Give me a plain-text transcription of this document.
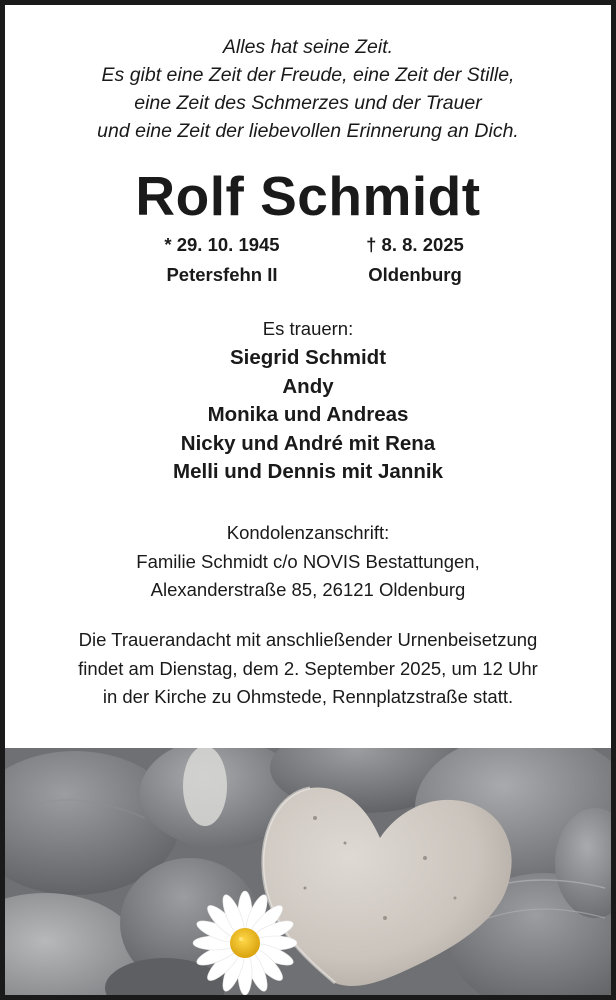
Alles hat seine Zeit.
Es gibt eine Zeit der Freude, eine Zeit der Stille,
eine Zeit des Schmerzes und der Trauer
und eine Zeit der liebevollen Erinnerung an Dich.
Rolf Schmidt
* 29. 10. 1945
Petersfehn II
† 8. 8. 2025
Oldenburg
Es trauern:
Siegrid Schmidt
Andy
Monika und Andreas
Nicky und André mit Rena
Melli und Dennis mit Jannik
Kondolenzanschrift:
Familie Schmidt c/o NOVIS Bestattungen,
Alexanderstraße 85, 26121 Oldenburg
Die Trauerandacht mit anschließender Urnenbeisetzung
findet am Dienstag, dem 2. September 2025, um 12 Uhr
in der Kirche zu Ohmstede, Rennplatzstraße statt.
